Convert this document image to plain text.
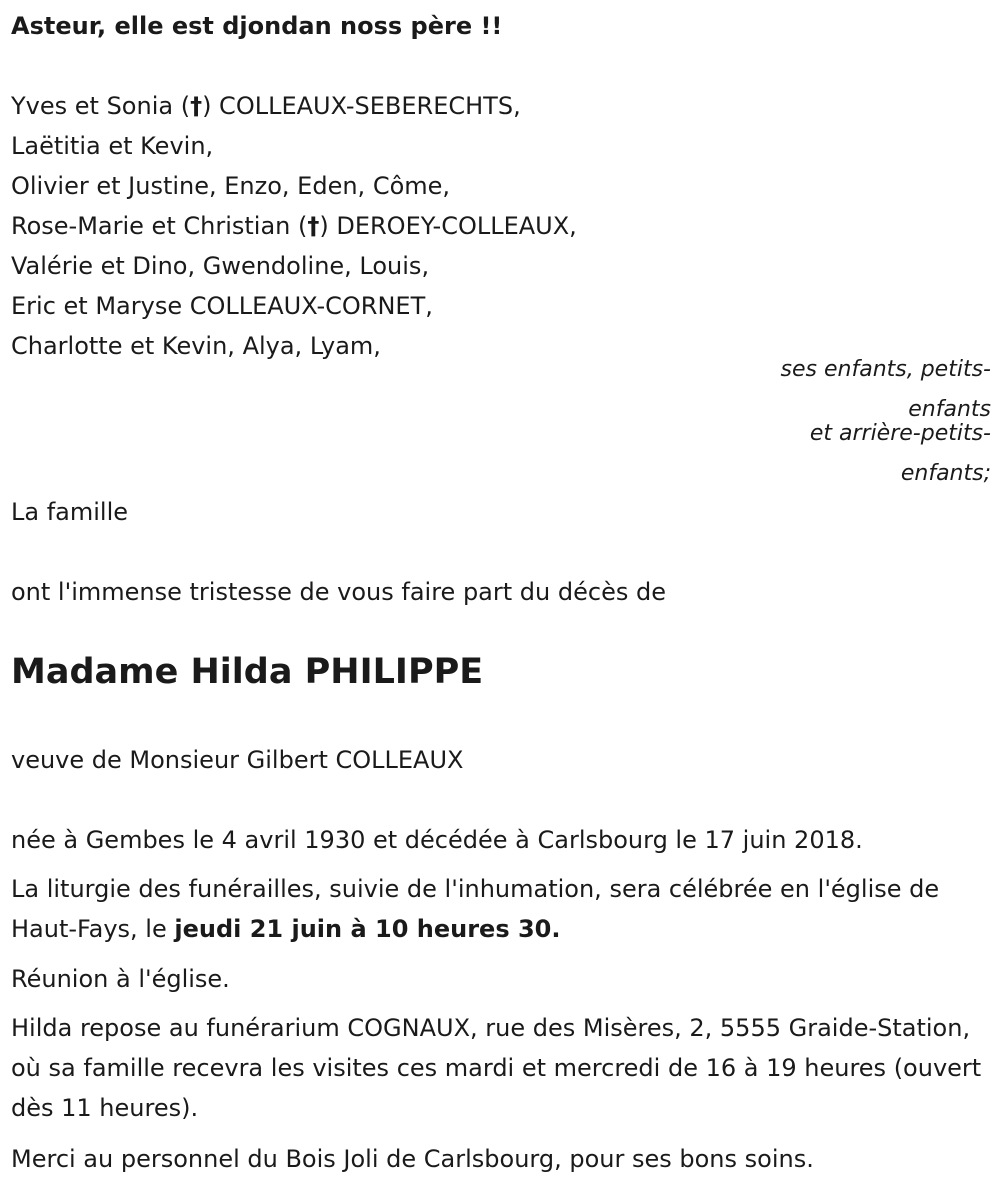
Asteur, elle est djondan noss père !!
Yves et Sonia (†) COLLEAUX-SEBERECHTS,
Laëtitia et Kevin,
Olivier et Justine, Enzo, Eden, Côme,
Rose-Marie et Christian (†) DEROEY-COLLEAUX,
Valérie et Dino, Gwendoline, Louis,
Eric et Maryse COLLEAUX-CORNET,
Charlotte et Kevin, Alya, Lyam,
ses enfants, petits-
enfants
et arrière-petits-
enfants;
La famille
ont l'immense tristesse de vous faire part du décès de
Madame Hilda PHILIPPE
veuve de Monsieur Gilbert COLLEAUX
née à Gembes le 4 avril 1930 et décédée à Carlsbourg le 17 juin 2018.
La liturgie des funérailles, suivie de l'inhumation, sera célébrée en l'église de Haut-Fays, le jeudi 21 juin à 10 heures 30.
Réunion à l'église.
Hilda repose au funérarium COGNAUX, rue des Misères, 2, 5555 Graide-Station, où sa famille recevra les visites ces mardi et mercredi de 16 à 19 heures (ouvert dès 11 heures).
Merci au personnel du Bois Joli de Carlsbourg, pour ses bons soins.
